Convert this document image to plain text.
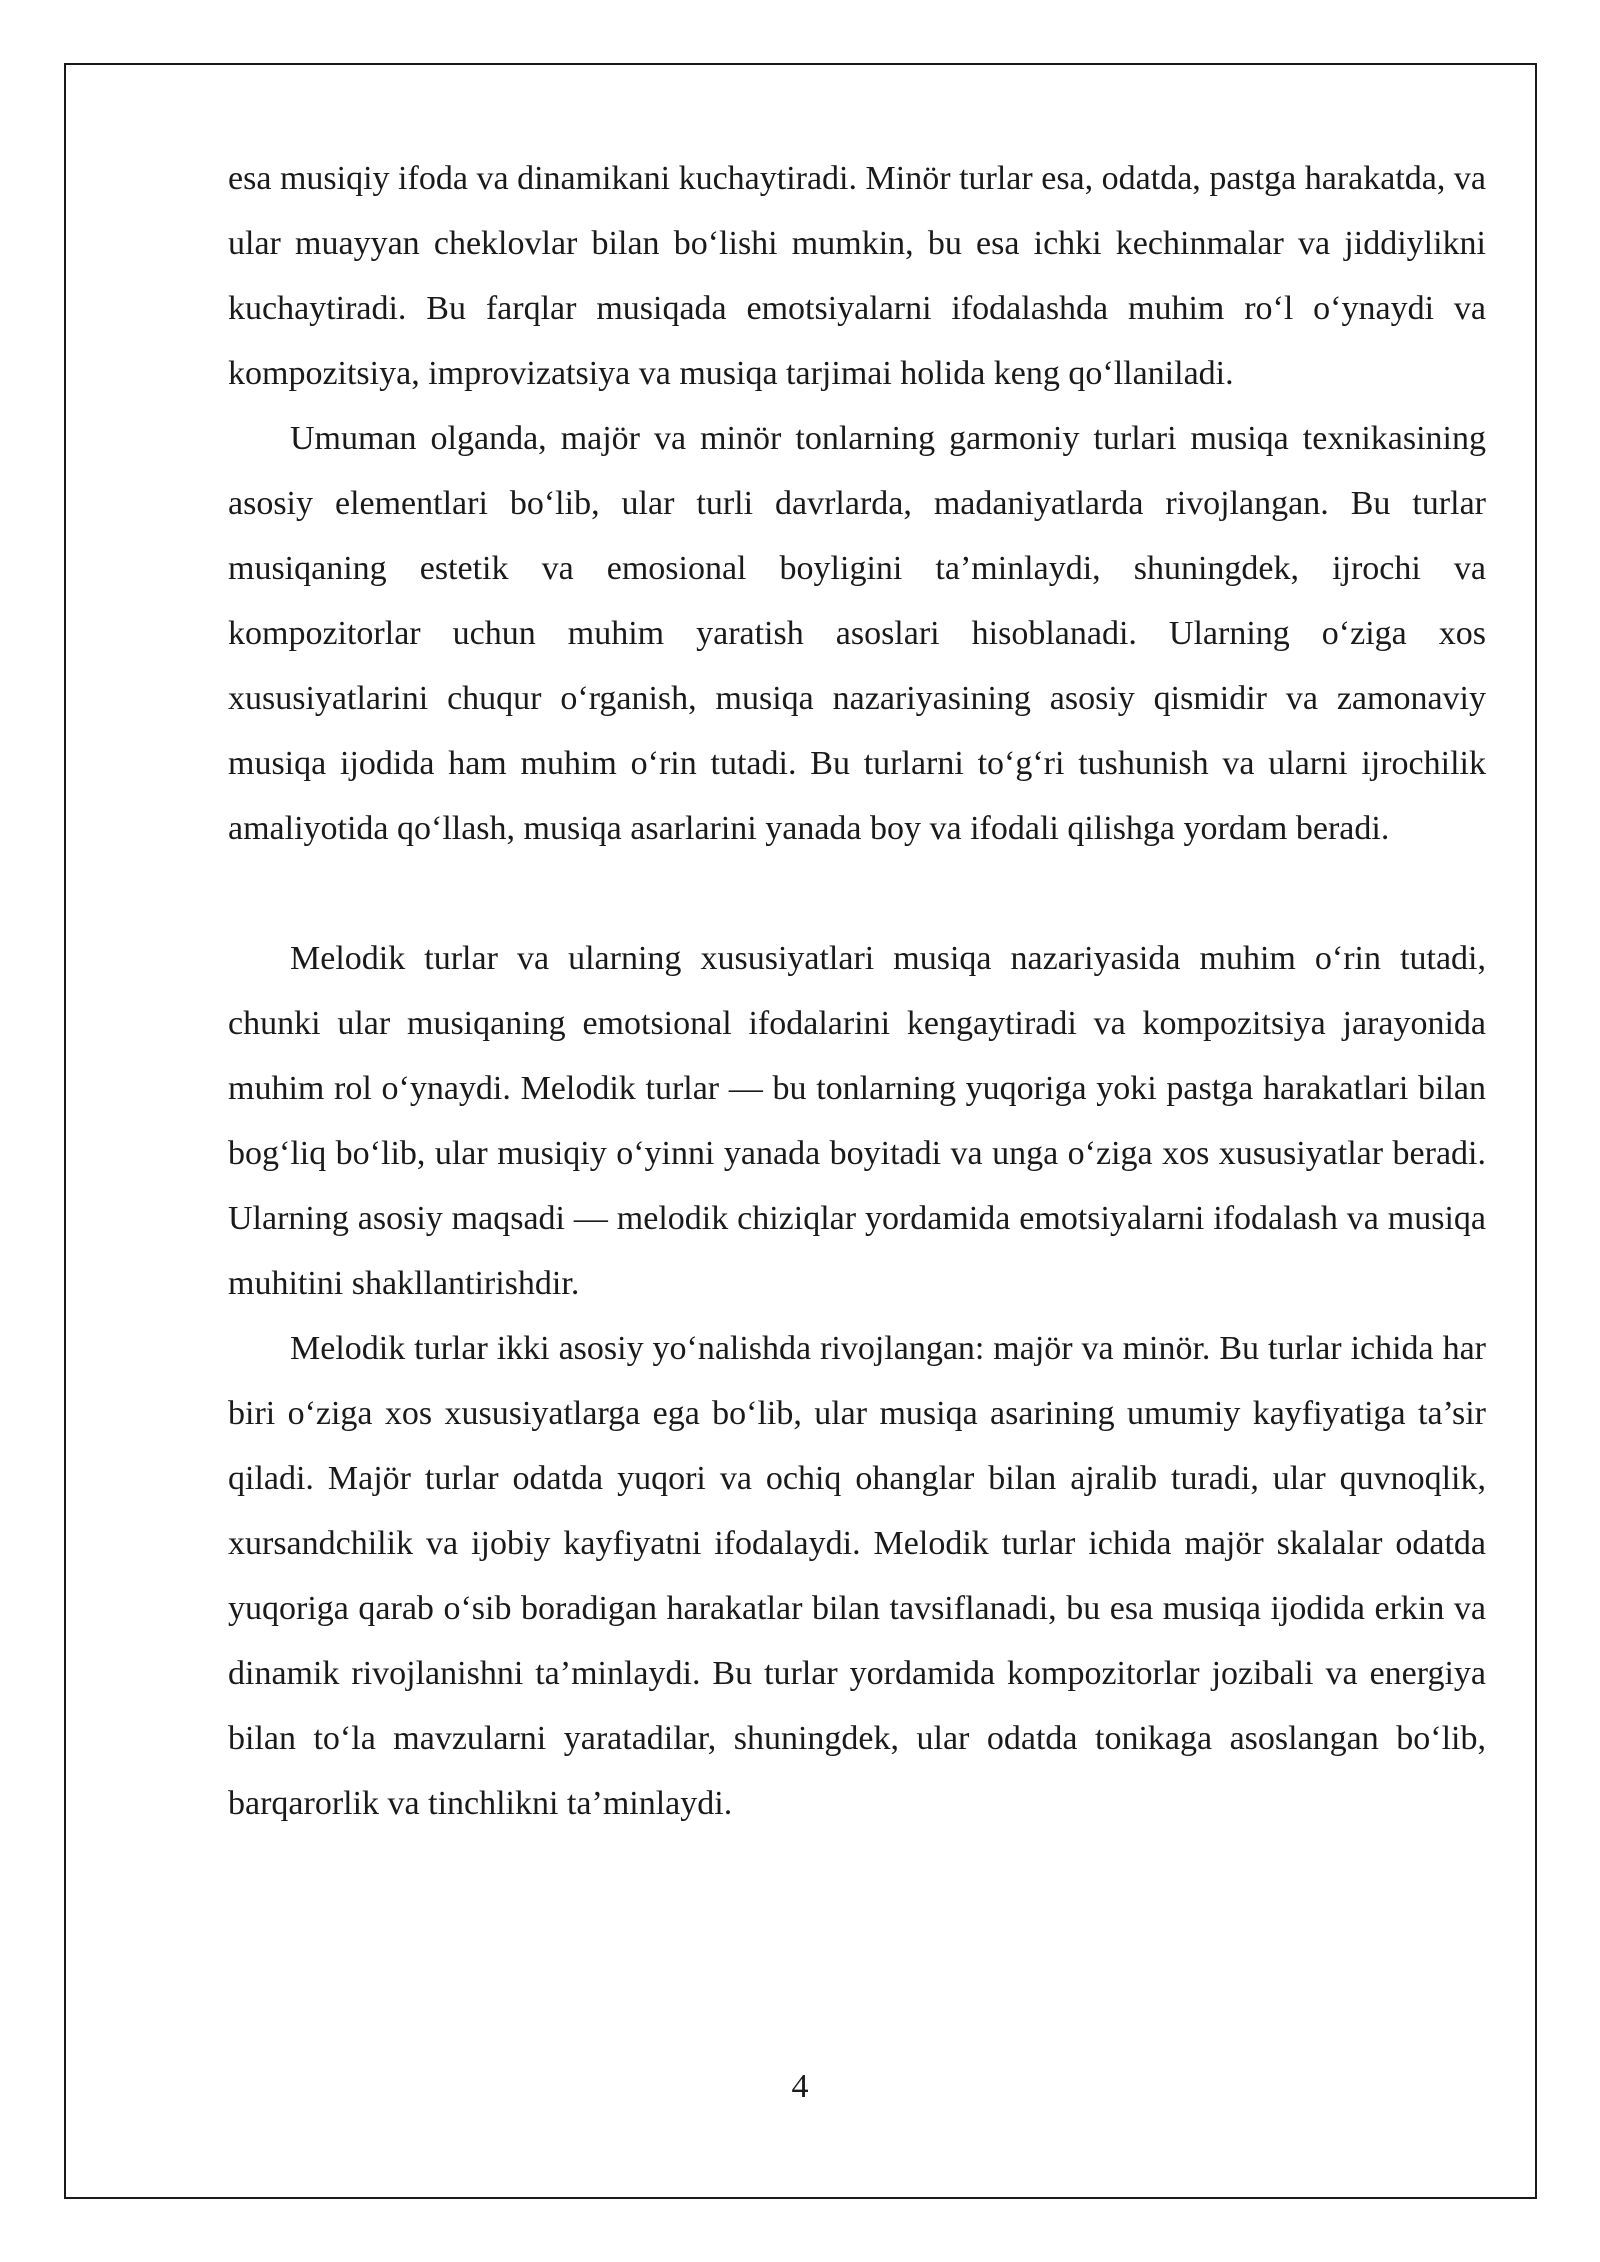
esa musiqiy ifoda va dinamikani kuchaytiradi. Minör turlar esa, odatda, pastga harakatda, va ular muayyan cheklovlar bilan bo‘lishi mumkin, bu esa ichki kechinmalar va jiddiylikni kuchaytiradi. Bu farqlar musiqada emotsiyalarni ifodalashda muhim ro‘l o‘ynaydi va kompozitsiya, improvizatsiya va musiqa tarjimai holida keng qo‘llaniladi.

Umuman olganda, majör va minör tonlarning garmoniy turlari musiqa texnikasining asosiy elementlari bo‘lib, ular turli davrlarda, madaniyatlarda rivojlangan. Bu turlar musiqaning estetik va emosional boyligini ta’minlaydi, shuningdek, ijrochi va kompozitorlar uchun muhim yaratish asoslari hisoblanadi. Ularning o‘ziga xos xususiyatlarini chuqur o‘rganish, musiqa nazariyasining asosiy qismidir va zamonaviy musiqa ijodida ham muhim o‘rin tutadi. Bu turlarni to‘g‘ri tushunish va ularni ijrochilik amaliyotida qo‘llash, musiqa asarlarini yanada boy va ifodali qilishga yordam beradi.

Melodik turlar va ularning xususiyatlari musiqa nazariyasida muhim o‘rin tutadi, chunki ular musiqaning emotsional ifodalarini kengaytiradi va kompozitsiya jarayonida muhim rol o‘ynaydi. Melodik turlar — bu tonlarning yuqoriga yoki pastga harakatlari bilan bog‘liq bo‘lib, ular musiqiy o‘yinni yanada boyitadi va unga o‘ziga xos xususiyatlar beradi. Ularning asosiy maqsadi — melodik chiziqlar yordamida emotsiyalarni ifodalash va musiqa muhitini shakllantirishdir.

Melodik turlar ikki asosiy yo‘nalishda rivojlangan: majör va minör. Bu turlar ichida har biri o‘ziga xos xususiyatlarga ega bo‘lib, ular musiqa asarining umumiy kayfiyatiga ta’sir qiladi. Majör turlar odatda yuqori va ochiq ohanglar bilan ajralib turadi, ular quvnoqlik, xursandchilik va ijobiy kayfiyatni ifodalaydi. Melodik turlar ichida majör skalalar odatda yuqoriga qarab o‘sib boradigan harakatlar bilan tavsiflanadi, bu esa musiqa ijodida erkin va dinamik rivojlanishni ta’minlaydi. Bu turlar yordamida kompozitorlar jozibali va energiya bilan to‘la mavzularni yaratadilar, shuningdek, ular odatda tonikaga asoslangan bo‘lib, barqarorlik va tinchlikni ta’minlaydi.

4
